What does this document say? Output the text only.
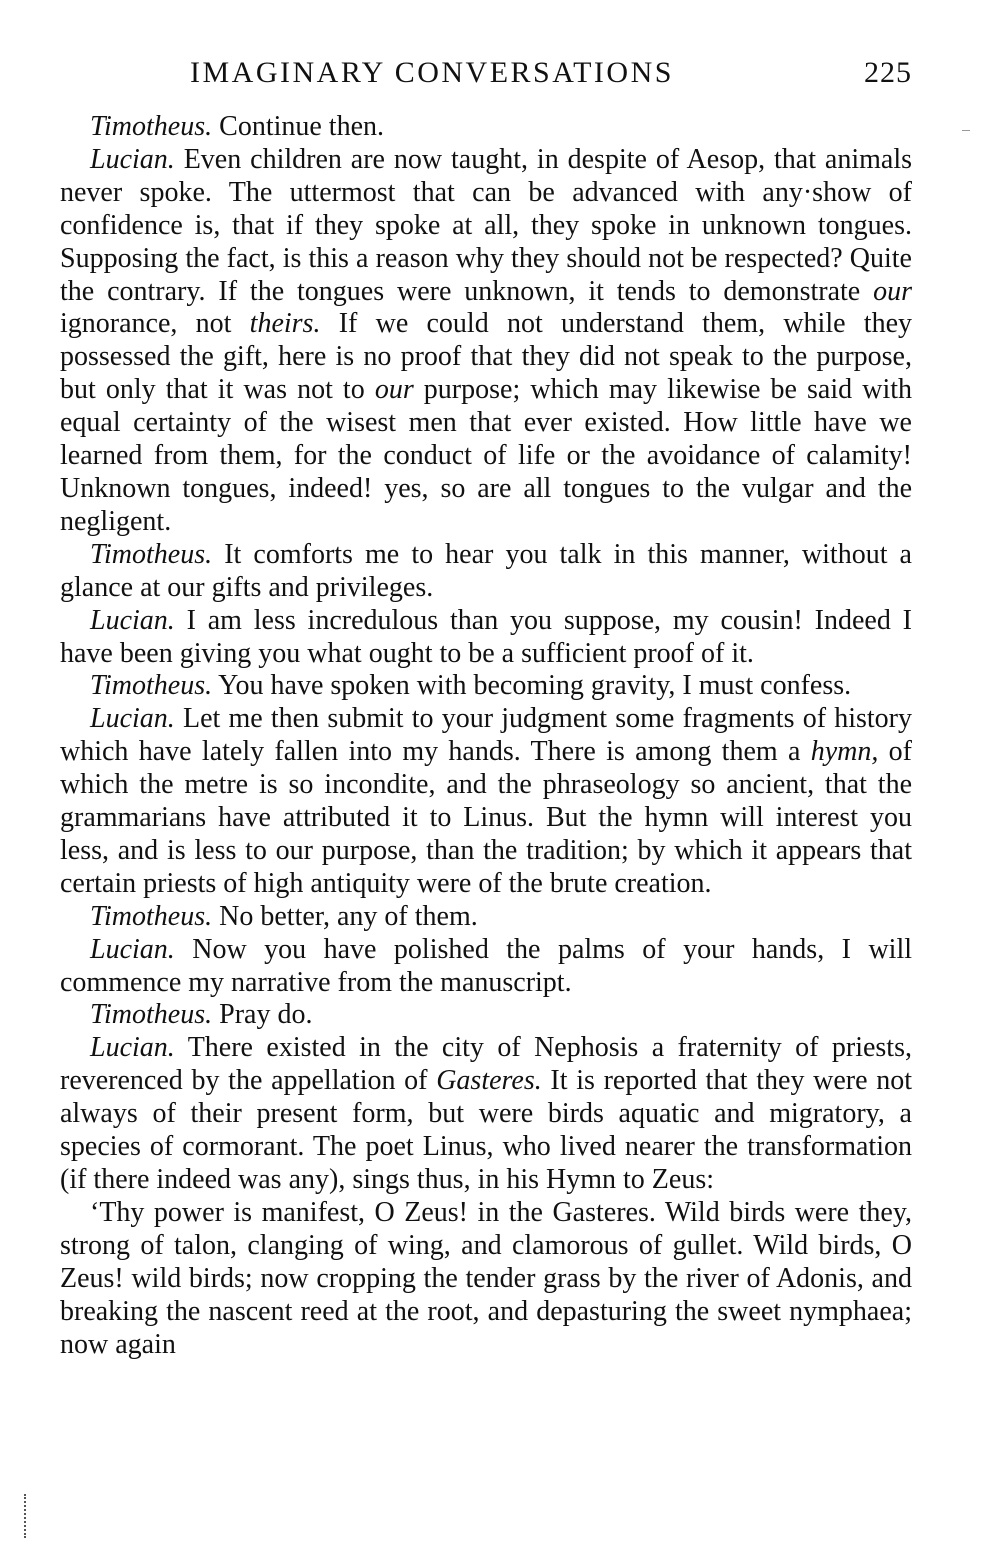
IMAGINARY CONVERSATIONS	225

Timotheus. Continue then.

Lucian. Even children are now taught, in despite of Aesop, that animals never spoke. The uttermost that can be advanced with any·show of confidence is, that if they spoke at all, they spoke in unknown tongues. Supposing the fact, is this a reason why they should not be respected? Quite the contrary. If the tongues were unknown, it tends to demonstrate our ignorance, not theirs. If we could not understand them, while they possessed the gift, here is no proof that they did not speak to the purpose, but only that it was not to our purpose; which may likewise be said with equal certainty of the wisest men that ever existed. How little have we learned from them, for the conduct of life or the avoidance of calamity! Unknown tongues, indeed! yes, so are all tongues to the vulgar and the negligent.

Timotheus. It comforts me to hear you talk in this manner, without a glance at our gifts and privileges.

Lucian. I am less incredulous than you suppose, my cousin! Indeed I have been giving you what ought to be a sufficient proof of it.

Timotheus. You have spoken with becoming gravity, I must confess.

Lucian. Let me then submit to your judgment some fragments of history which have lately fallen into my hands. There is among them a hymn, of which the metre is so incondite, and the phraseology so ancient, that the grammarians have attributed it to Linus. But the hymn will interest you less, and is less to our purpose, than the tradition; by which it appears that certain priests of high antiquity were of the brute creation.

Timotheus. No better, any of them.

Lucian. Now you have polished the palms of your hands, I will commence my narrative from the manuscript.

Timotheus. Pray do.

Lucian. There existed in the city of Nephosis a fraternity of priests, reverenced by the appellation of Gasteres. It is reported that they were not always of their present form, but were birds aquatic and migratory, a species of cormorant. The poet Linus, who lived nearer the transformation (if there indeed was any), sings thus, in his Hymn to Zeus:

‘Thy power is manifest, O Zeus! in the Gasteres. Wild birds were they, strong of talon, clanging of wing, and clamorous of gullet. Wild birds, O Zeus! wild birds; now cropping the tender grass by the river of Adonis, and breaking the nascent reed at the root, and depasturing the sweet nymphaea; now again
